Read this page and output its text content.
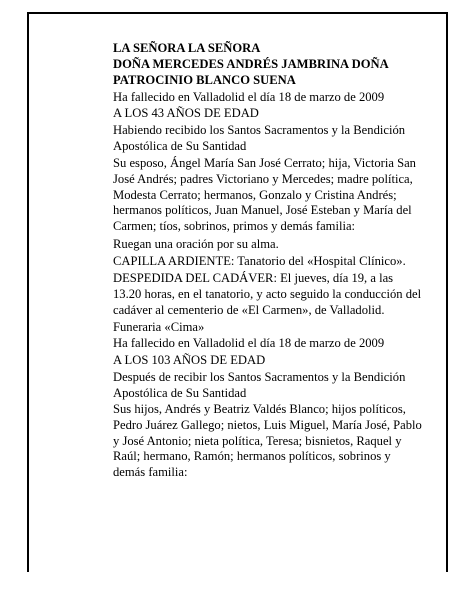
LA SEÑORA LA SEÑORA

DOÑA MERCEDES ANDRÉS JAMBRINA DOÑA

PATROCINIO BLANCO SUENA

Ha fallecido en Valladolid el día 18 de marzo de 2009

A LOS 43 AÑOS DE EDAD

Habiendo recibido los Santos Sacramentos y la Bendición Apostólica de Su Santidad

Su esposo, Ángel María San José Cerrato; hija, Victoria San José Andrés; padres Victoriano y Mercedes; madre política, Modesta Cerrato; hermanos, Gonzalo y Cristina Andrés; hermanos políticos, Juan Manuel, José Esteban y María del Carmen; tíos, sobrinos, primos y demás familia:

Ruegan una oración por su alma.

CAPILLA ARDIENTE: Tanatorio del «Hospital Clínico».

DESPEDIDA DEL CADÁVER: El jueves, día 19, a las 13.20 horas, en el tanatorio, y acto seguido la conducción del cadáver al cementerio de «El Carmen», de Valladolid.

Funeraria «Cima»

Ha fallecido en Valladolid el día 18 de marzo de 2009

A LOS 103 AÑOS DE EDAD

Después de recibir los Santos Sacramentos y la Bendición Apostólica de Su Santidad

Sus hijos, Andrés y Beatriz Valdés Blanco; hijos políticos, Pedro Juárez Gallego; nietos, Luis Miguel, María José, Pablo y José Antonio; nieta política, Teresa; bisnietos, Raquel y Raúl; hermano, Ramón; hermanos políticos, sobrinos y demás familia:
